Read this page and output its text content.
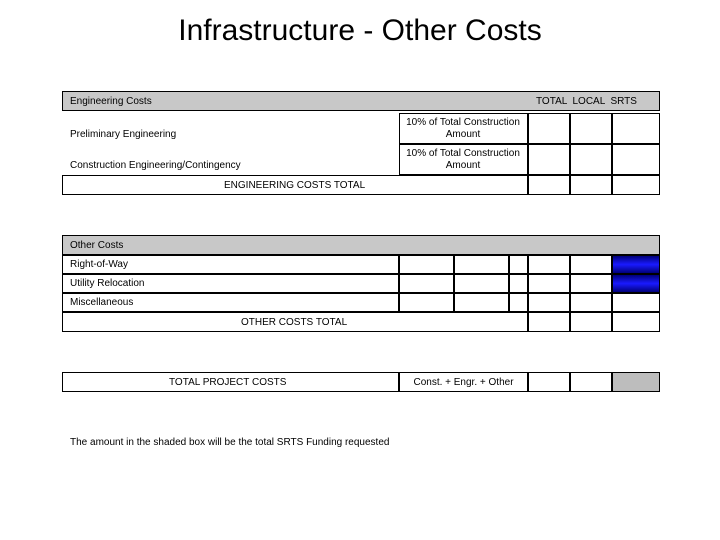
Infrastructure - Other Costs
Engineering Costs	TOTAL  LOCAL  SRTS
Preliminary Engineering
10% of Total Construction Amount
Construction Engineering/Contingency
10% of Total Construction Amount
ENGINEERING COSTS TOTAL
Other Costs
Right-of-Way
Utility Relocation
Miscellaneous
OTHER COSTS TOTAL
TOTAL PROJECT COSTS	Const. + Engr. + Other
The amount in the shaded box will be the total SRTS Funding requested
